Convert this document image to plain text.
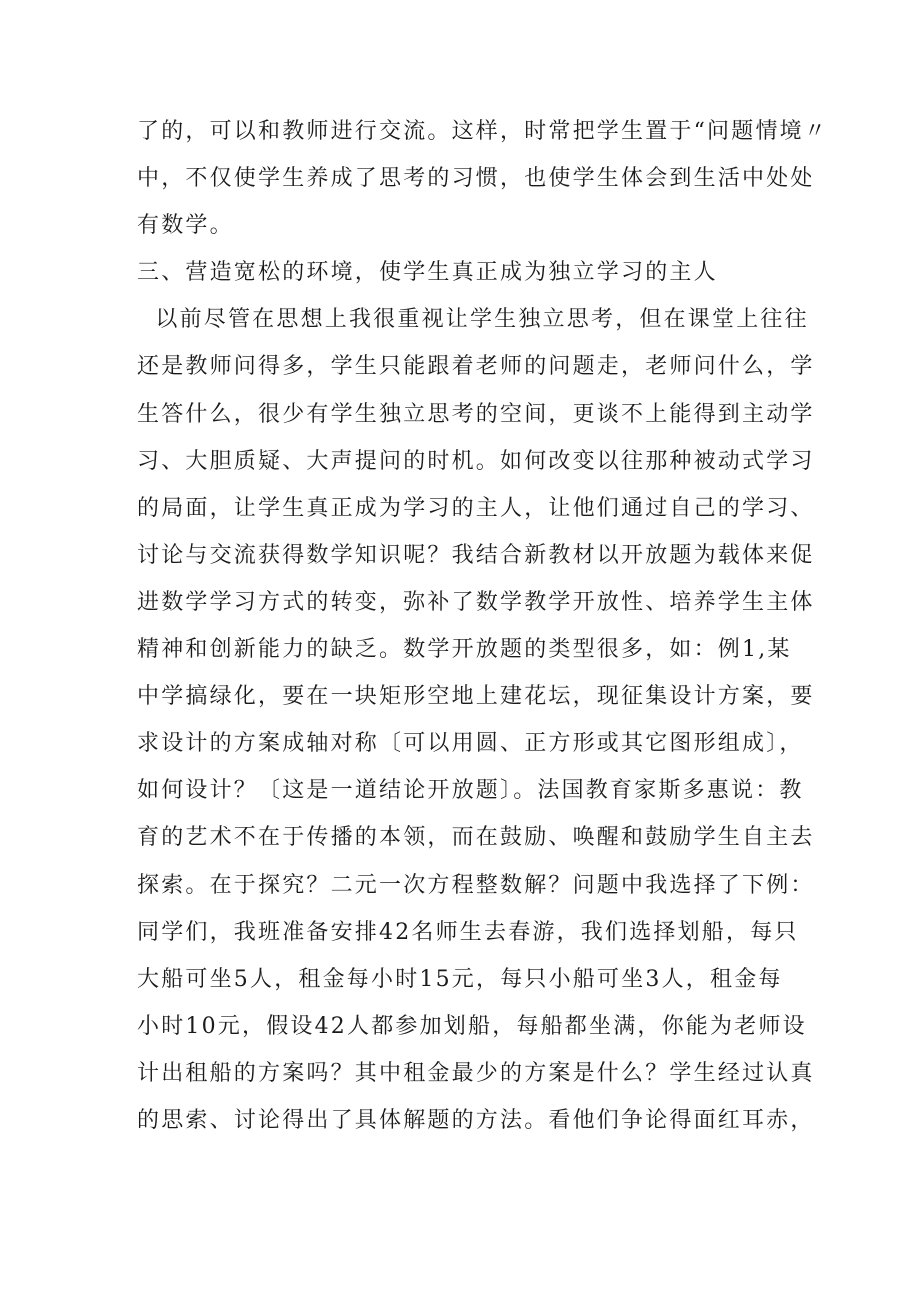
了的，可以和教师进行交流。这样，时常把学生置于“问题情境〃
中，不仅使学生养成了思考的习惯，也使学生体会到生活中处处
有数学。
三、营造宽松的环境，使学生真正成为独立学习的主人
以前尽管在思想上我很重视让学生独立思考，但在课堂上往往
还是教师问得多，学生只能跟着老师的问题走，老师问什么，学
生答什么，很少有学生独立思考的空间，更谈不上能得到主动学
习、大胆质疑、大声提问的时机。如何改变以往那种被动式学习
的局面，让学生真正成为学习的主人，让他们通过自己的学习、
讨论与交流获得数学知识呢？我结合新教材以开放题为载体来促
进数学学习方式的转变，弥补了数学教学开放性、培养学生主体
精神和创新能力的缺乏。数学开放题的类型很多，如：例1,某
中学搞绿化，要在一块矩形空地上建花坛，现征集设计方案，要
求设计的方案成轴对称〔可以用圆、正方形或其它图形组成〕，
如何设计？〔这是一道结论开放题〕。法国教育家斯多惠说：教
育的艺术不在于传播的本领，而在鼓励、唤醒和鼓励学生自主去
探索。在于探究？二元一次方程整数解？问题中我选择了下例：
同学们，我班准备安排42名师生去春游，我们选择划船，每只
大船可坐5人，租金每小时15元，每只小船可坐3人，租金每
小时10元，假设42人都参加划船，每船都坐满，你能为老师设
计出租船的方案吗？其中租金最少的方案是什么？学生经过认真
的思索、讨论得出了具体解题的方法。看他们争论得面红耳赤，
